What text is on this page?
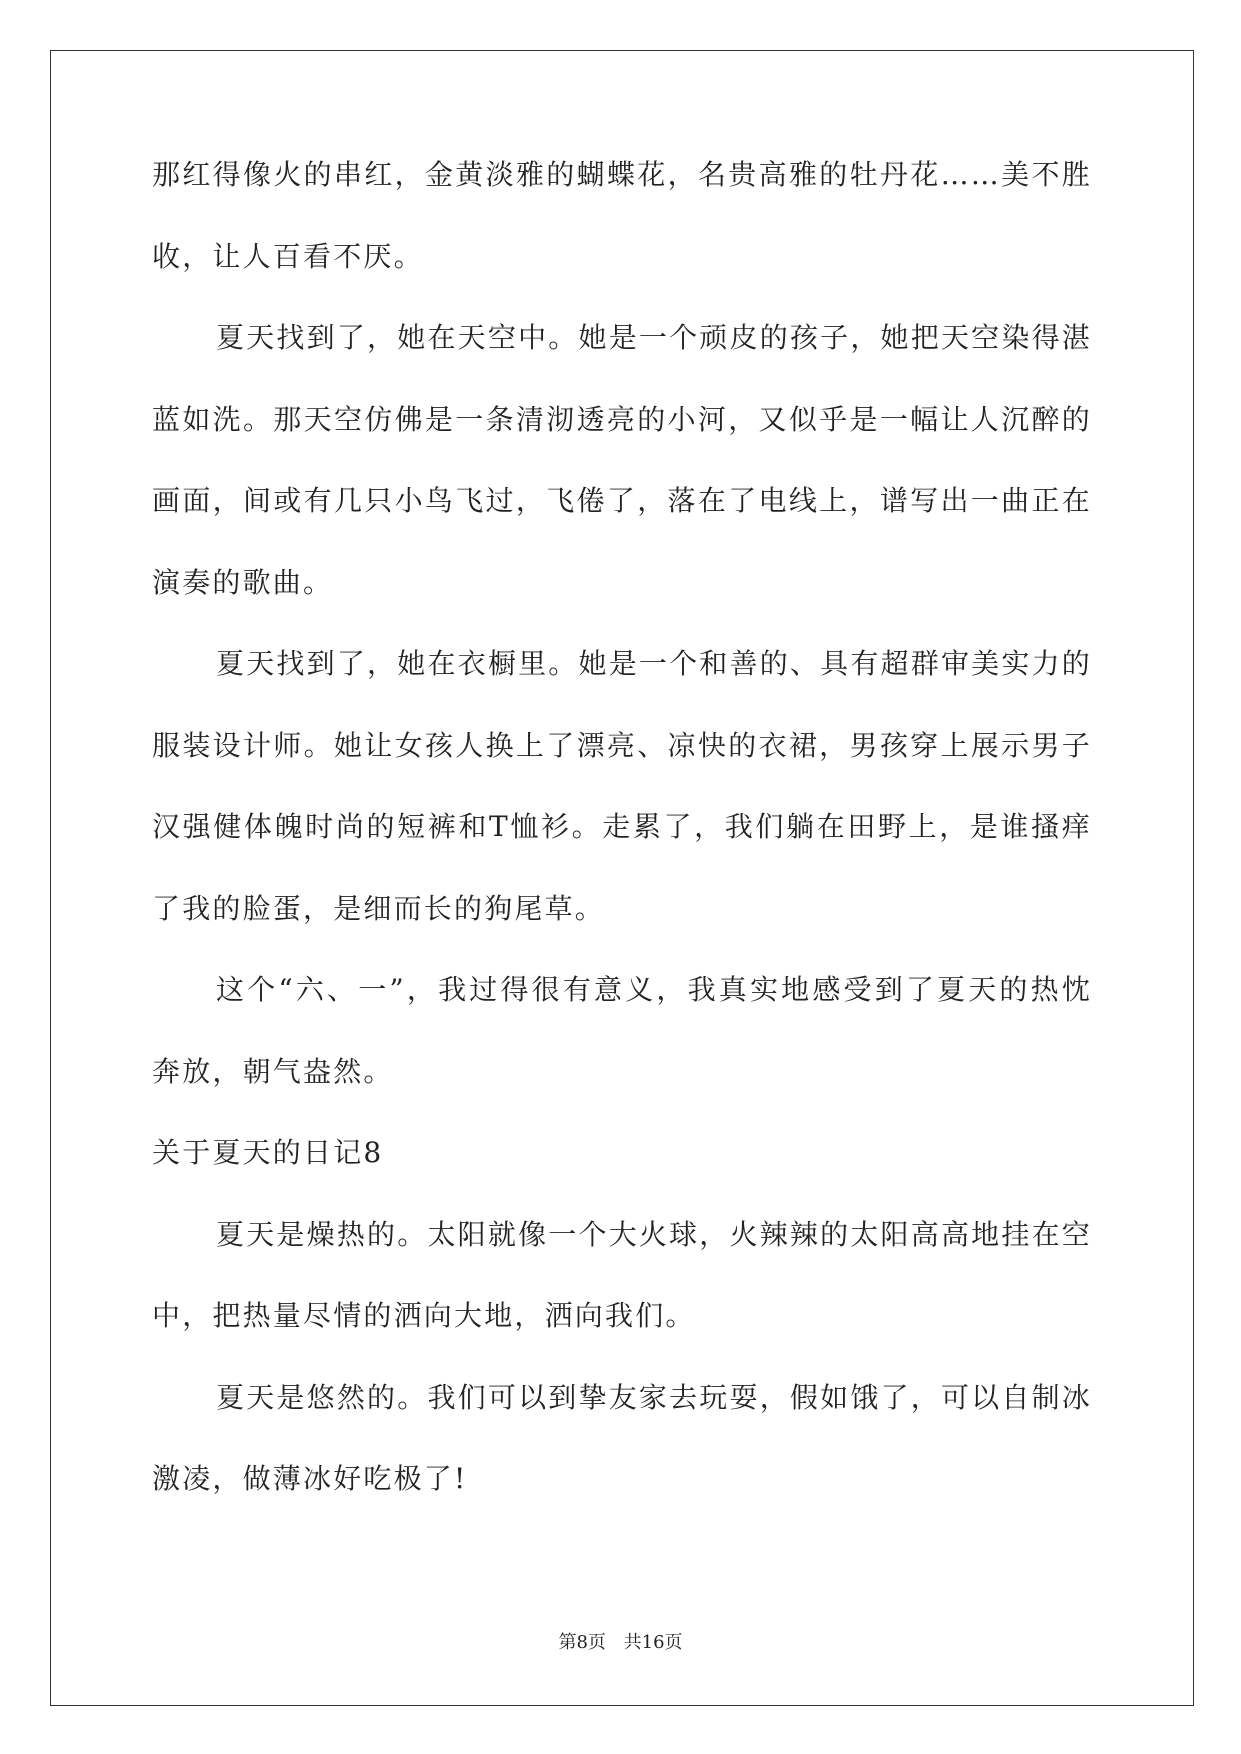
那红得像火的串红，金黄淡雅的蝴蝶花，名贵高雅的牡丹花……美不胜收，让人百看不厌。

夏天找到了，她在天空中。她是一个顽皮的孩子，她把天空染得湛蓝如洗。那天空仿佛是一条清沏透亮的小河，又似乎是一幅让人沉醉的画面，间或有几只小鸟飞过，飞倦了，落在了电线上，谱写出一曲正在演奏的歌曲。

夏天找到了，她在衣橱里。她是一个和善的、具有超群审美实力的服装设计师。她让女孩人换上了漂亮、凉快的衣裙，男孩穿上展示男子汉强健体魄时尚的短裤和T恤衫。走累了，我们躺在田野上，是谁搔痒了我的脸蛋，是细而长的狗尾草。

这个“六、一”，我过得很有意义，我真实地感受到了夏天的热忱奔放，朝气盎然。

关于夏天的日记8

夏天是燥热的。太阳就像一个大火球，火辣辣的太阳高高地挂在空中，把热量尽情的洒向大地，洒向我们。

夏天是悠然的。我们可以到挚友家去玩耍，假如饿了，可以自制冰激凌，做薄冰好吃极了!

第8页 共16页
